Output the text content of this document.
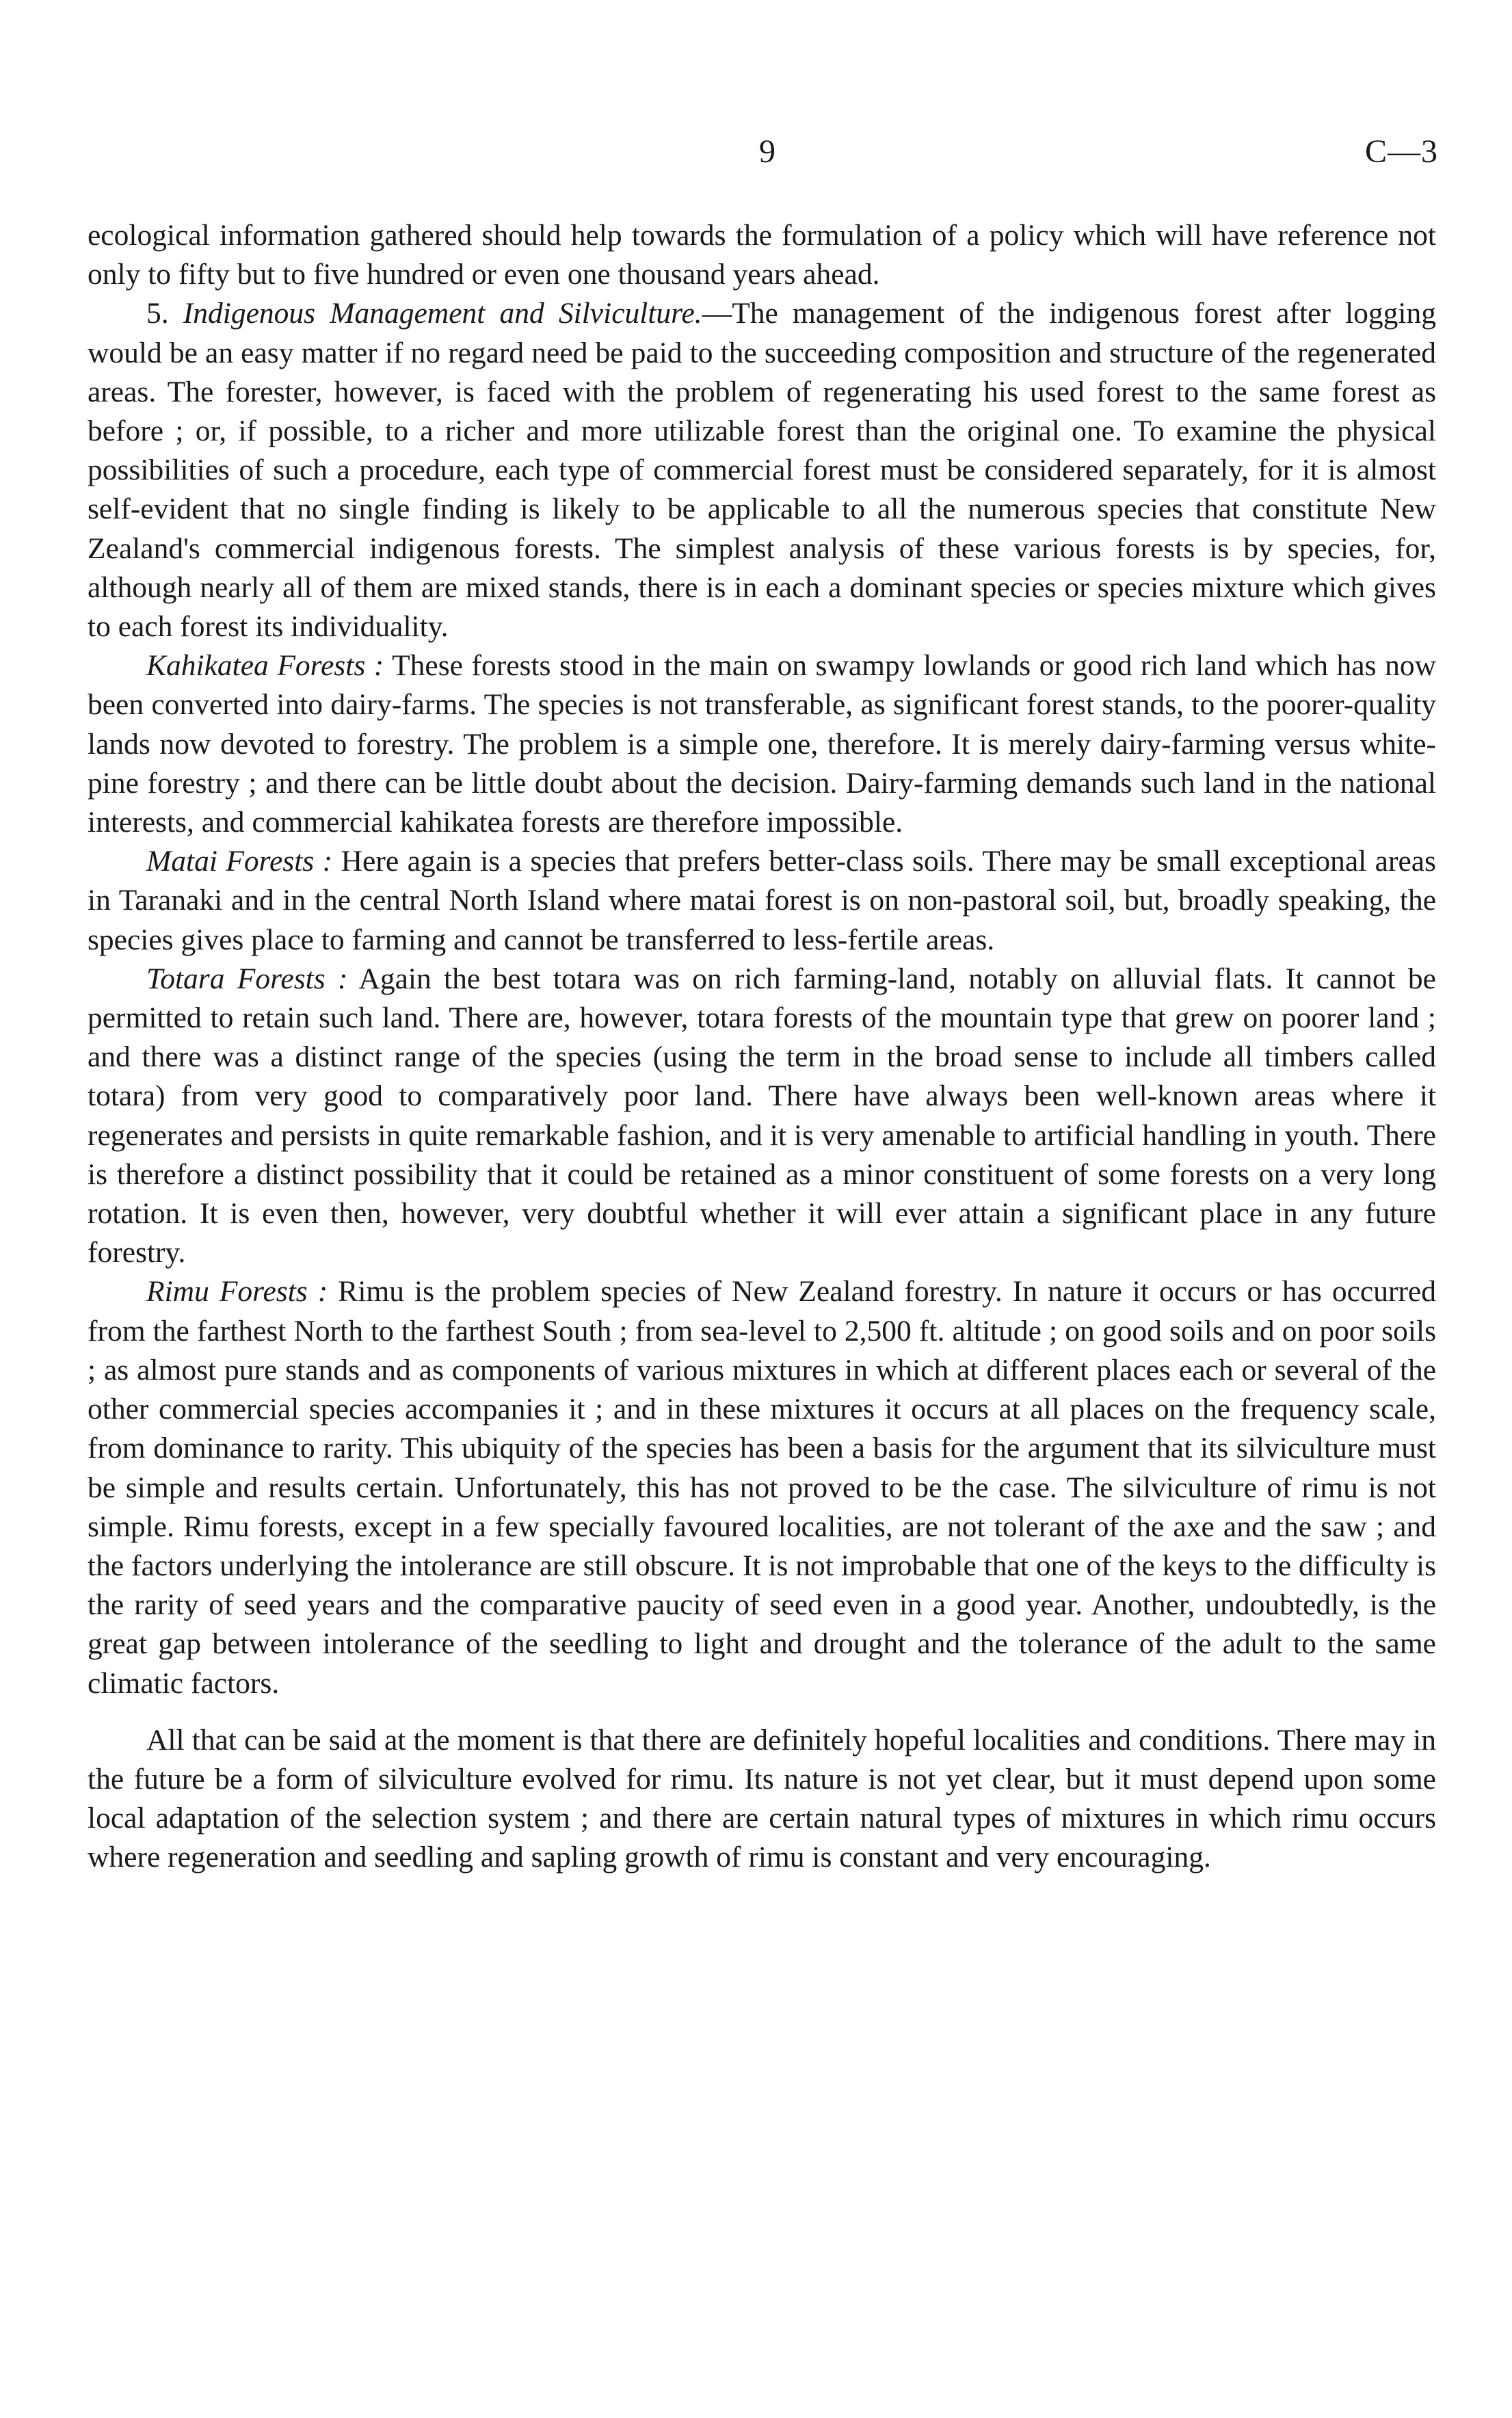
9	C—3

ecological information gathered should help towards the formulation of a policy which will have reference not only to fifty but to five hundred or even one thousand years ahead.

5. Indigenous Management and Silviculture.—The management of the indigenous forest after logging would be an easy matter if no regard need be paid to the succeeding composition and structure of the regenerated areas. The forester, however, is faced with the problem of regenerating his used forest to the same forest as before ; or, if possible, to a richer and more utilizable forest than the original one. To examine the physical possibilities of such a procedure, each type of commercial forest must be considered separately, for it is almost self-evident that no single finding is likely to be applicable to all the numerous species that constitute New Zealand's commercial indigenous forests. The simplest analysis of these various forests is by species, for, although nearly all of them are mixed stands, there is in each a dominant species or species mixture which gives to each forest its individuality.

Kahikatea Forests : These forests stood in the main on swampy lowlands or good rich land which has now been converted into dairy-farms. The species is not transferable, as significant forest stands, to the poorer-quality lands now devoted to forestry. The problem is a simple one, therefore. It is merely dairy-farming versus white-pine forestry ; and there can be little doubt about the decision. Dairy-farming demands such land in the national interests, and commercial kahikatea forests are therefore impossible.

Matai Forests : Here again is a species that prefers better-class soils. There may be small exceptional areas in Taranaki and in the central North Island where matai forest is on non-pastoral soil, but, broadly speaking, the species gives place to farming and cannot be transferred to less-fertile areas.

Totara Forests : Again the best totara was on rich farming-land, notably on alluvial flats. It cannot be permitted to retain such land. There are, however, totara forests of the mountain type that grew on poorer land ; and there was a distinct range of the species (using the term in the broad sense to include all timbers called totara) from very good to comparatively poor land. There have always been well-known areas where it regenerates and persists in quite remarkable fashion, and it is very amenable to artificial handling in youth. There is therefore a distinct possibility that it could be retained as a minor constituent of some forests on a very long rotation. It is even then, however, very doubtful whether it will ever attain a significant place in any future forestry.

Rimu Forests : Rimu is the problem species of New Zealand forestry. In nature it occurs or has occurred from the farthest North to the farthest South ; from sea-level to 2,500 ft. altitude ; on good soils and on poor soils ; as almost pure stands and as components of various mixtures in which at different places each or several of the other commercial species accompanies it ; and in these mixtures it occurs at all places on the frequency scale, from dominance to rarity. This ubiquity of the species has been a basis for the argument that its silviculture must be simple and results certain. Unfortunately, this has not proved to be the case. The silviculture of rimu is not simple. Rimu forests, except in a few specially favoured localities, are not tolerant of the axe and the saw ; and the factors underlying the intolerance are still obscure. It is not improbable that one of the keys to the difficulty is the rarity of seed years and the comparative paucity of seed even in a good year. Another, undoubtedly, is the great gap between intolerance of the seedling to light and drought and the tolerance of the adult to the same climatic factors.

All that can be said at the moment is that there are definitely hopeful localities and conditions. There may in the future be a form of silviculture evolved for rimu. Its nature is not yet clear, but it must depend upon some local adaptation of the selection system ; and there are certain natural types of mixtures in which rimu occurs where regeneration and seedling and sapling growth of rimu is constant and very encouraging.
